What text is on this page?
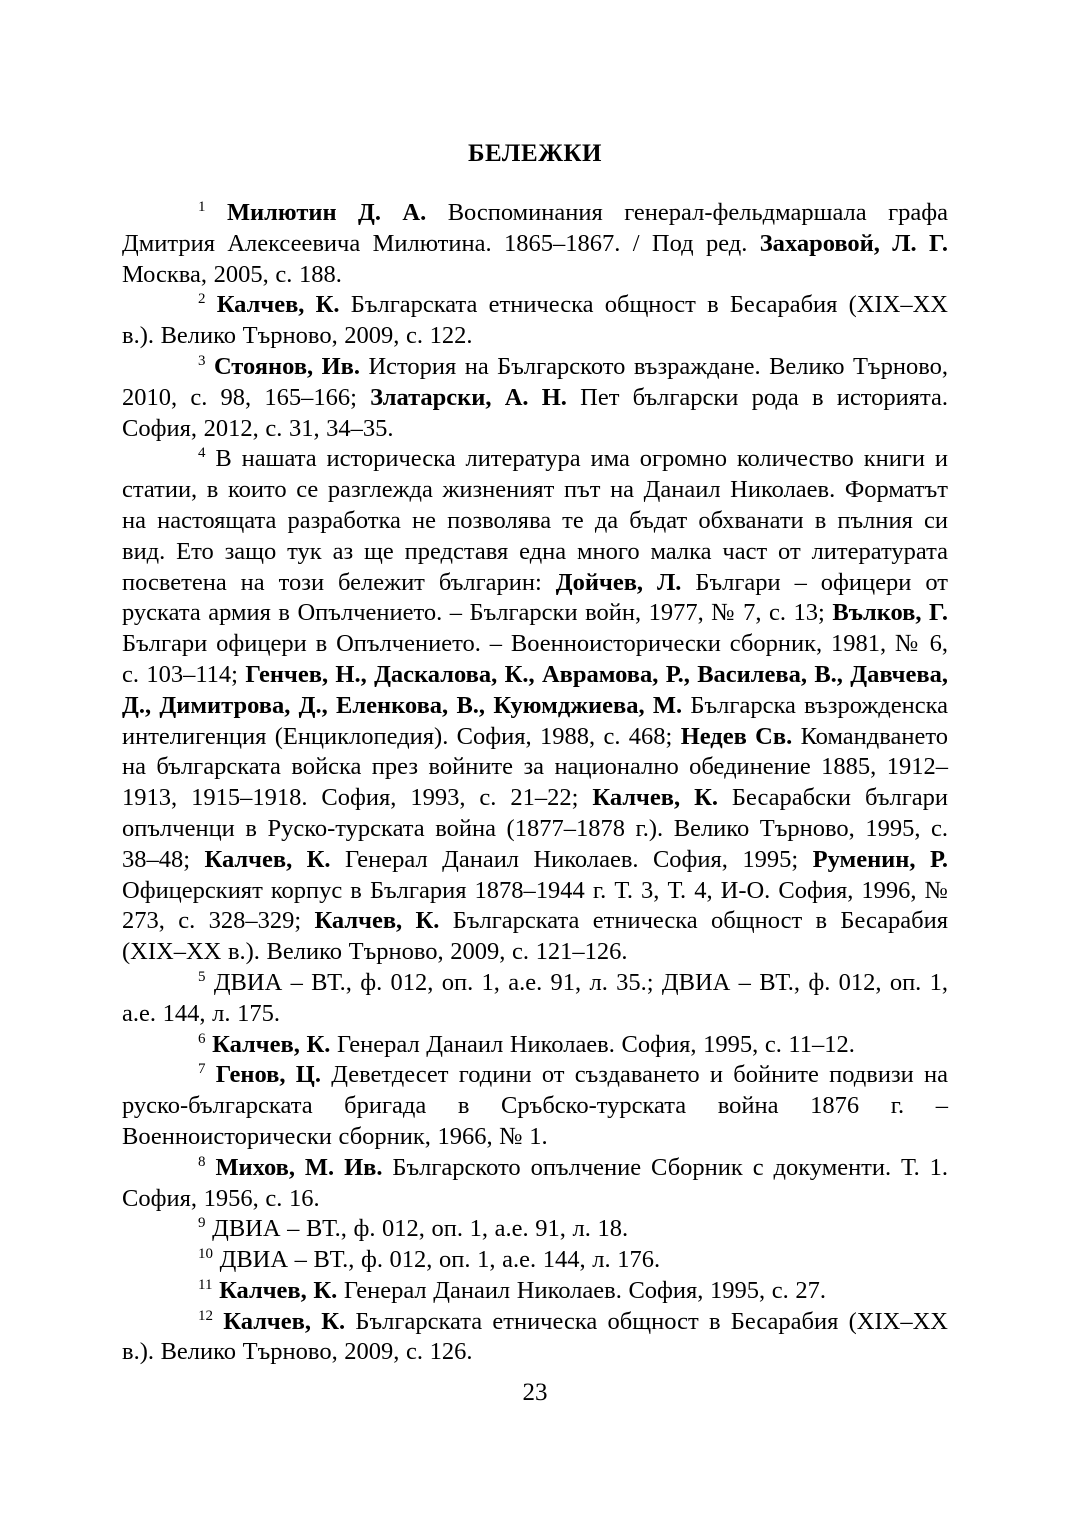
БЕЛЕЖКИ

$^1$ Милютин Д. А. Воспоминания генерал-фельдмаршала графа Дмитрия Алексеевича Милютина. 1865–1867. / Под ред. Захаровой, Л. Г. Москва, 2005, с. 188.

$^2$ Калчев, К. Българската етническа общност в Бесарабия (XIX–XX в.). Велико Търново, 2009, с. 122.

$^3$ Стоянов, Ив. История на Българското възраждане. Велико Търново, 2010, с. 98, 165–166; Златарски, А. Н. Пет български рода в историята. София, 2012, с. 31, 34–35.

$^4$ В нашата историческа литература има огромно количество книги и статии, в които се разглежда жизненият път на Данаил Николаев. Форматът на настоящата разработка не позволява те да бъдат обхванати в пълния си вид. Ето защо тук аз ще представя една много малка част от литературата посветена на този бележит българин: Дойчев, Л. Българи – офицери от руската армия в Опълчението. – Български войн, 1977, № 7, с. 13; Вълков, Г. Българи офицери в Опълчението. – Военноисторически сборник, 1981, № 6, с. 103–114; Генчев, Н., Даскалова, К., Аврамова, Р., Василева, В., Давчева, Д., Димитрова, Д., Еленкова, В., Куюмджиева, М. Българска възрожденска интелигенция (Енциклопедия). София, 1988, с. 468; Недев Св. Командването на българската войска през войните за национално обединение 1885, 1912–1913, 1915–1918. София, 1993, с. 21–22; Калчев, К. Бесарабски българи опълченци в Руско-турската война (1877–1878 г.). Велико Търново, 1995, с. 38–48; Калчев, К. Генерал Данаил Николаев. София, 1995; Руменин, Р. Офицерският корпус в България 1878–1944 г. Т. 3, Т. 4, И-О. София, 1996, № 273, с. 328–329; Калчев, К. Българската етническа общност в Бесарабия (XIX–XX в.). Велико Търново, 2009, с. 121–126.

$^5$ ДВИА – ВТ., ф. 012, оп. 1, а.е. 91, л. 35.; ДВИА – ВТ., ф. 012, оп. 1, а.е. 144, л. 175.

$^6$ Калчев, К. Генерал Данаил Николаев. София, 1995, с. 11–12.

$^7$ Генов, Ц. Деветдесет години от създаването и бойните подвизи на руско-българската бригада в Сръбско-турската война 1876 г. – Военноисторически сборник, 1966, № 1.

$^8$ Михов, М. Ив. Българското опълчение Сборник с документи. Т. 1. София, 1956, с. 16.

$^9$ ДВИА – ВТ., ф. 012, оп. 1, а.е. 91, л. 18.

$^{10}$ ДВИА – ВТ., ф. 012, оп. 1, а.е. 144, л. 176.

$^{11}$ Калчев, К. Генерал Данаил Николаев. София, 1995, с. 27.

$^{12}$ Калчев, К. Българската етническа общност в Бесарабия (XIX–XX в.). Велико Търново, 2009, с. 126.

23
